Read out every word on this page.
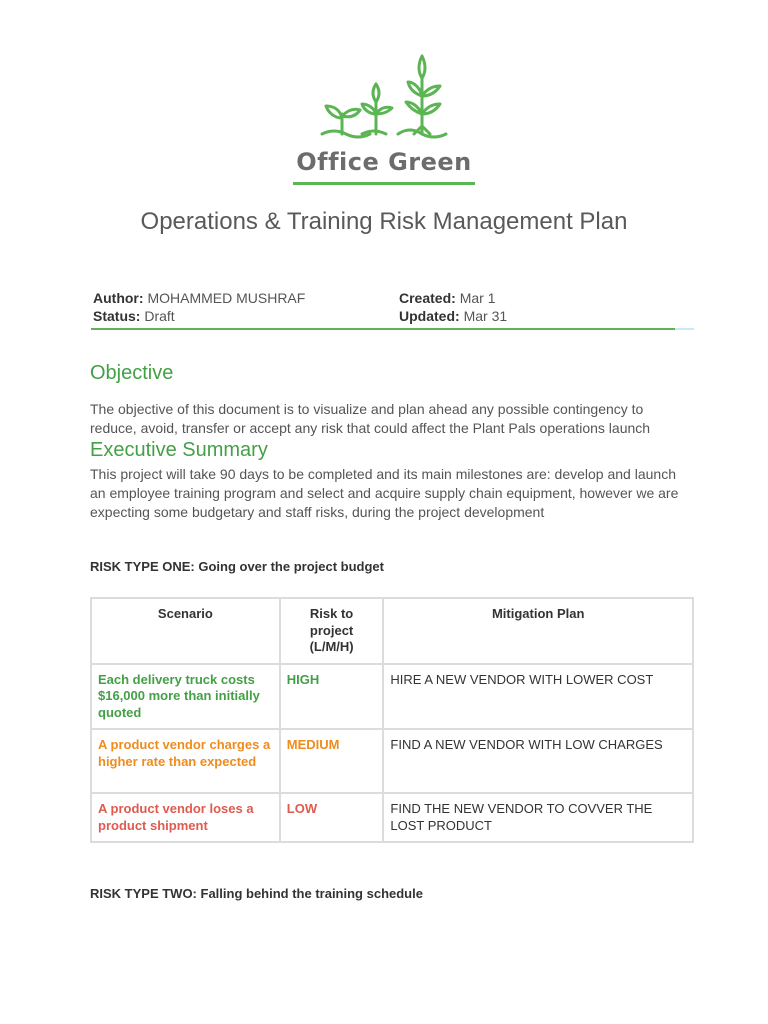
Office Green
Operations & Training Risk Management Plan
Author: MOHAMMED MUSHRAF	Created: Mar 1
Status: Draft	Updated: Mar 31
Objective

The objective of this document is to visualize and plan ahead any possible contingency to reduce, avoid, transfer or accept any risk that could affect the Plant Pals operations launch

Executive Summary

This project will take 90 days to be completed and its main milestones are: develop and launch an employee training program and select and acquire supply chain equipment, however we are expecting some budgetary and staff risks, during the project development

RISK TYPE ONE: Going over the project budget

Scenario	Risk to project (L/M/H)	Mitigation Plan
Each delivery truck costs $16,000 more than initially quoted	HIGH	HIRE A NEW VENDOR WITH LOWER COST
A product vendor charges a higher rate than expected	MEDIUM	FIND A NEW VENDOR WITH LOW CHARGES
A product vendor loses a product shipment	LOW	FIND THE NEW VENDOR TO COVVER THE LOST PRODUCT

RISK TYPE TWO: Falling behind the training schedule
